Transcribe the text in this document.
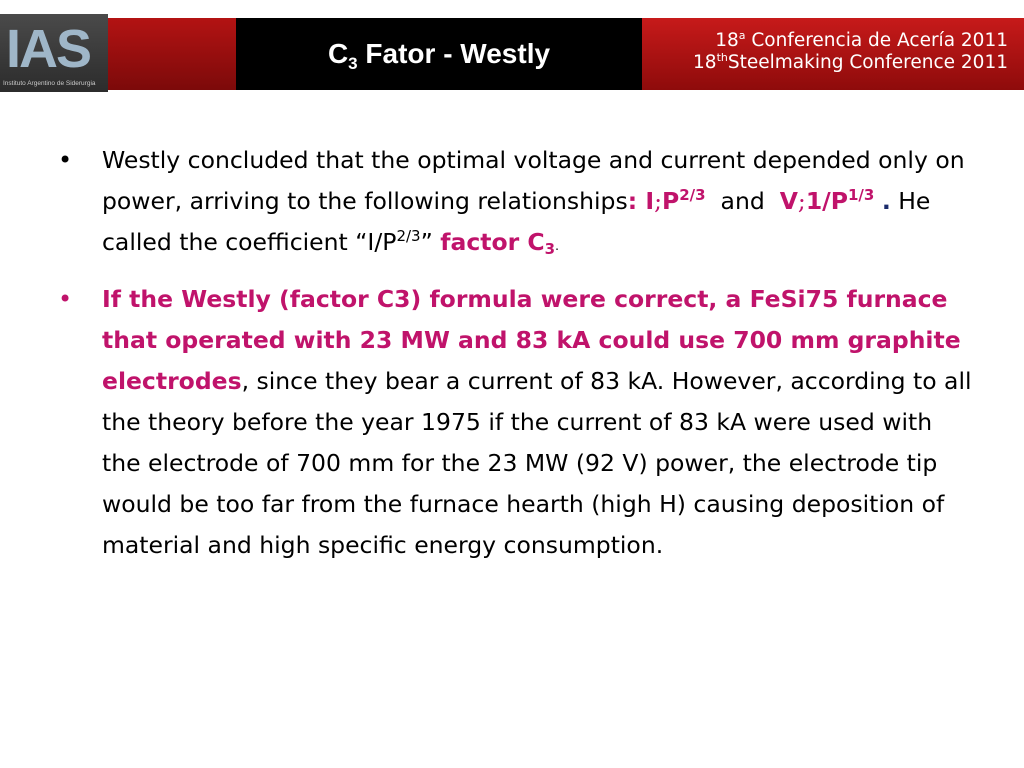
IAS
Instituto Argentino de Siderurgia
$C_3$ Fator - Westly	18$^a$ Conferencia de Acería 2011
18thSteelmaking Conference 2011
• Westly concluded that the optimal voltage and current depended only on power, arriving to the following relationships: $I;P^{2/3}$ and $V;1/P^{1/3}$ . He called the coefficient “$I/P^{2/3}$” factor $C_3$.
• If the Westly (factor C3) formula were correct, a FeSi75 furnace that operated with 23 MW and 83 kA could use 700 mm graphite electrodes, since they bear a current of 83 kA. However, according to all the theory before the year 1975 if the current of 83 kA were used with the electrode of 700 mm for the 23 MW (92 V) power, the electrode tip would be too far from the furnace hearth (high H) causing deposition of material and high specific energy consumption.
